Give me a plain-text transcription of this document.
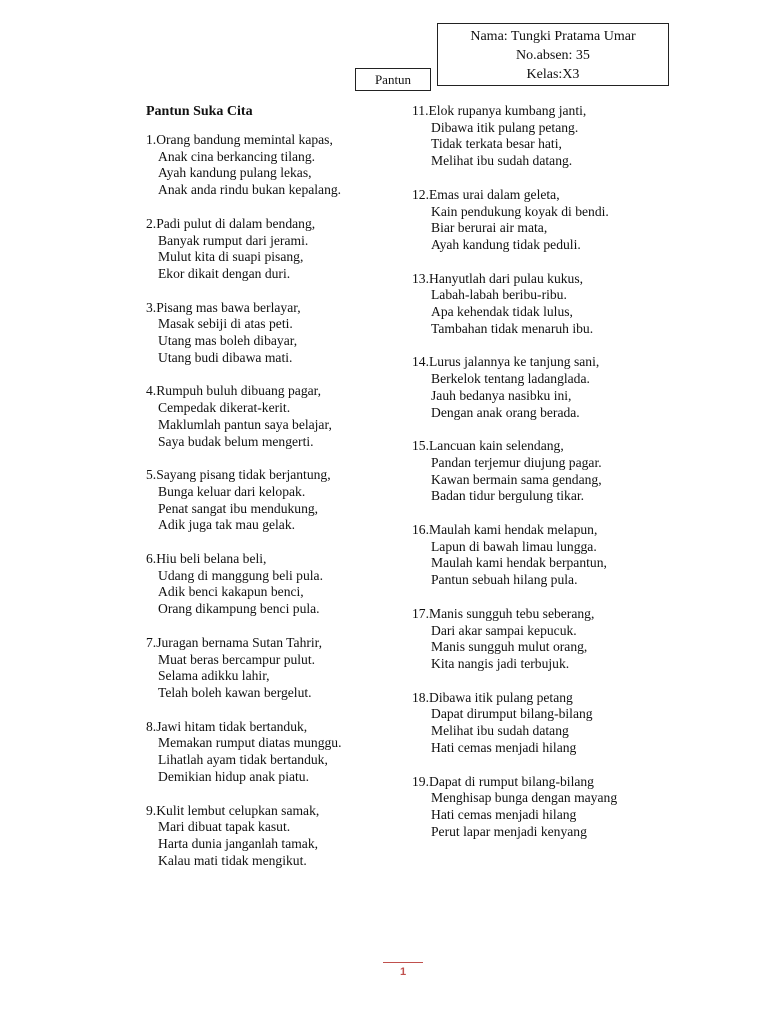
Nama: Tungki Pratama Umar
No.absen: 35
Kelas:X3
Pantun
Pantun Suka Cita
1.Orang bandung memintal kapas,
Anak cina berkancing tilang.
Ayah kandung pulang lekas,
Anak anda rindu bukan kepalang.
2.Padi pulut di dalam bendang,
Banyak rumput dari jerami.
Mulut kita di suapi pisang,
Ekor dikait dengan duri.
3.Pisang mas bawa berlayar,
Masak sebiji di atas peti.
Utang mas boleh dibayar,
Utang budi dibawa mati.
4.Rumpuh buluh dibuang pagar,
Cempedak dikerat-kerit.
Maklumlah pantun saya belajar,
Saya budak belum mengerti.
5.Sayang pisang tidak berjantung,
Bunga keluar dari kelopak.
Penat sangat ibu mendukung,
Adik juga tak mau gelak.
6.Hiu beli belana beli,
Udang di manggung beli pula.
Adik benci kakapun benci,
Orang dikampung benci pula.
7.Juragan bernama Sutan Tahrir,
Muat beras bercampur pulut.
Selama adikku lahir,
Telah boleh kawan bergelut.
8.Jawi hitam tidak bertanduk,
Memakan rumput diatas munggu.
Lihatlah ayam tidak bertanduk,
Demikian hidup anak piatu.
9.Kulit lembut celupkan samak,
Mari dibuat tapak kasut.
Harta dunia janganlah tamak,
Kalau mati tidak mengikut.
11.Elok rupanya kumbang janti,
Dibawa itik pulang petang.
Tidak terkata besar hati,
Melihat ibu sudah datang.
12.Emas urai dalam geleta,
Kain pendukung koyak di bendi.
Biar berurai air mata,
Ayah kandung tidak peduli.
13.Hanyutlah dari pulau kukus,
Labah-labah beribu-ribu.
Apa kehendak tidak lulus,
Tambahan tidak menaruh ibu.
14.Lurus jalannya ke tanjung sani,
Berkelok tentang ladanglada.
Jauh bedanya nasibku ini,
Dengan anak orang berada.
15.Lancuan kain selendang,
Pandan terjemur diujung pagar.
Kawan bermain sama gendang,
Badan tidur bergulung tikar.
16.Maulah kami hendak melapun,
Lapun di bawah limau lungga.
Maulah kami hendak berpantun,
Pantun sebuah hilang pula.
17.Manis sungguh tebu seberang,
Dari akar sampai kepucuk.
Manis sungguh mulut orang,
Kita nangis jadi terbujuk.
18.Dibawa itik pulang petang
Dapat dirumput bilang-bilang
Melihat ibu sudah datang
Hati cemas menjadi hilang
19.Dapat di rumput bilang-bilang
Menghisap bunga dengan mayang
Hati cemas menjadi hilang
Perut lapar menjadi kenyang
1
